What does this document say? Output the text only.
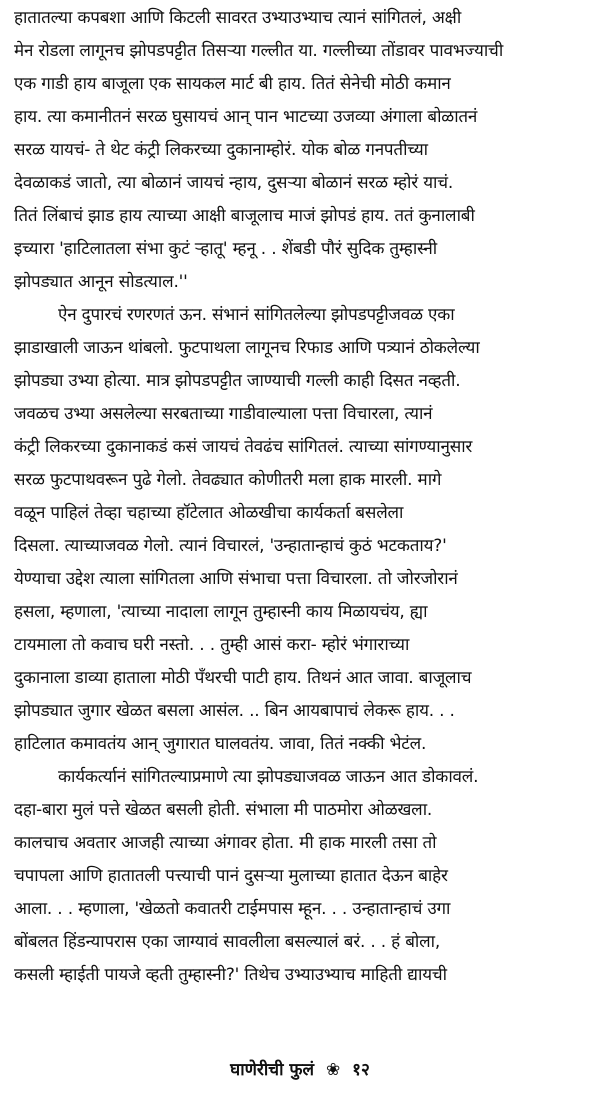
हातातल्या कपबशा आणि किटली सावरत उभ्याउभ्याच त्यानं सांगितलं, अक्षी
मेन रोडला लागूनच झोपडपट्टीत तिसऱ्या गल्लीत या. गल्लीच्या तोंडावर पावभज्याची
एक गाडी हाय बाजूला एक सायकल मार्ट बी हाय. तितं सेनेची मोठी कमान
हाय. त्या कमानीतनं सरळ घुसायचं आन् पान भाटच्या उजव्या अंगाला बोळातनं
सरळ यायचं- ते थेट कंट्री लिकरच्या दुकानाम्होरं. योक बोळ गनपतीच्या
देवळाकडं जातो, त्या बोळानं जायचं न्हाय, दुसऱ्या बोळानं सरळ म्होरं याचं.
तितं लिंबाचं झाड हाय त्याच्या आक्षी बाजूलाच माजं झोपडं हाय. ततं कुनालाबी
इच्यारा 'हाटिलातला संभा कुटं ऱ्हातू' म्हनू . . शेंबडी पौरं सुदिक तुम्हास्नी
झोपड्यात आनून सोडत्याल.''
ऐन दुपारचं रणरणतं ऊन. संभानं सांगितलेल्या झोपडपट्टीजवळ एका
झाडाखाली जाऊन थांबलो. फुटपाथला लागूनच रिफाड आणि पत्र्यानं ठोकलेल्या
झोपड्या उभ्या होत्या. मात्र झोपडपट्टीत जाण्याची गल्ली काही दिसत नव्हती.
जवळच उभ्या असलेल्या सरबताच्या गाडीवाल्याला पत्ता विचारला, त्यानं
कंट्री लिकरच्या दुकानाकडं कसं जायचं तेवढंच सांगितलं. त्याच्या सांगण्यानुसार
सरळ फुटपाथवरून पुढे गेलो. तेवढ्यात कोणीतरी मला हाक मारली. मागे
वळून पाहिलं तेव्हा चहाच्या हॉटेलात ओळखीचा कार्यकर्ता बसलेला
दिसला. त्याच्याजवळ गेलो. त्यानं विचारलं, 'उन्हातान्हाचं कुठं भटकताय?'
येण्याचा उद्देश त्याला सांगितला आणि संभाचा पत्ता विचारला. तो जोरजोरानं
हसला, म्हणाला, 'त्याच्या नादाला लागून तुम्हास्नी काय मिळायचंय, ह्या
टायमाला तो कवाच घरी नस्तो. . . तुम्ही आसं करा- म्होरं भंगाराच्या
दुकानाला डाव्या हाताला मोठी पँथरची पाटी हाय. तिथनं आत जावा. बाजूलाच
झोपड्यात जुगार खेळत बसला आसंल. .. बिन आयबापाचं लेकरू हाय. . .
हाटिलात कमावतंय आन् जुगारात घालवतंय. जावा, तितं नक्की भेटंल.
कार्यकर्त्यानं सांगितल्याप्रमाणे त्या झोपड्याजवळ जाऊन आत डोकावलं.
दहा-बारा मुलं पत्ते खेळत बसली होती. संभाला मी पाठमोरा ओळखला.
कालचाच अवतार आजही त्याच्या अंगावर होता. मी हाक मारली तसा तो
चपापला आणि हातातली पत्त्याची पानं दुसऱ्या मुलाच्या हातात देऊन बाहेर
आला. . . म्हणाला, 'खेळतो कवातरी टाईमपास म्हून. . . उन्हातान्हाचं उगा
बोंबलत हिंडन्यापरास एका जाग्यावं सावलीला बसल्यालं बरं. . . हं बोला,
कसली म्हाईती पायजे व्हती तुम्हास्नी?' तिथेच उभ्याउभ्याच माहिती द्यायची
घाणेरीची फुलं ❀ १२
